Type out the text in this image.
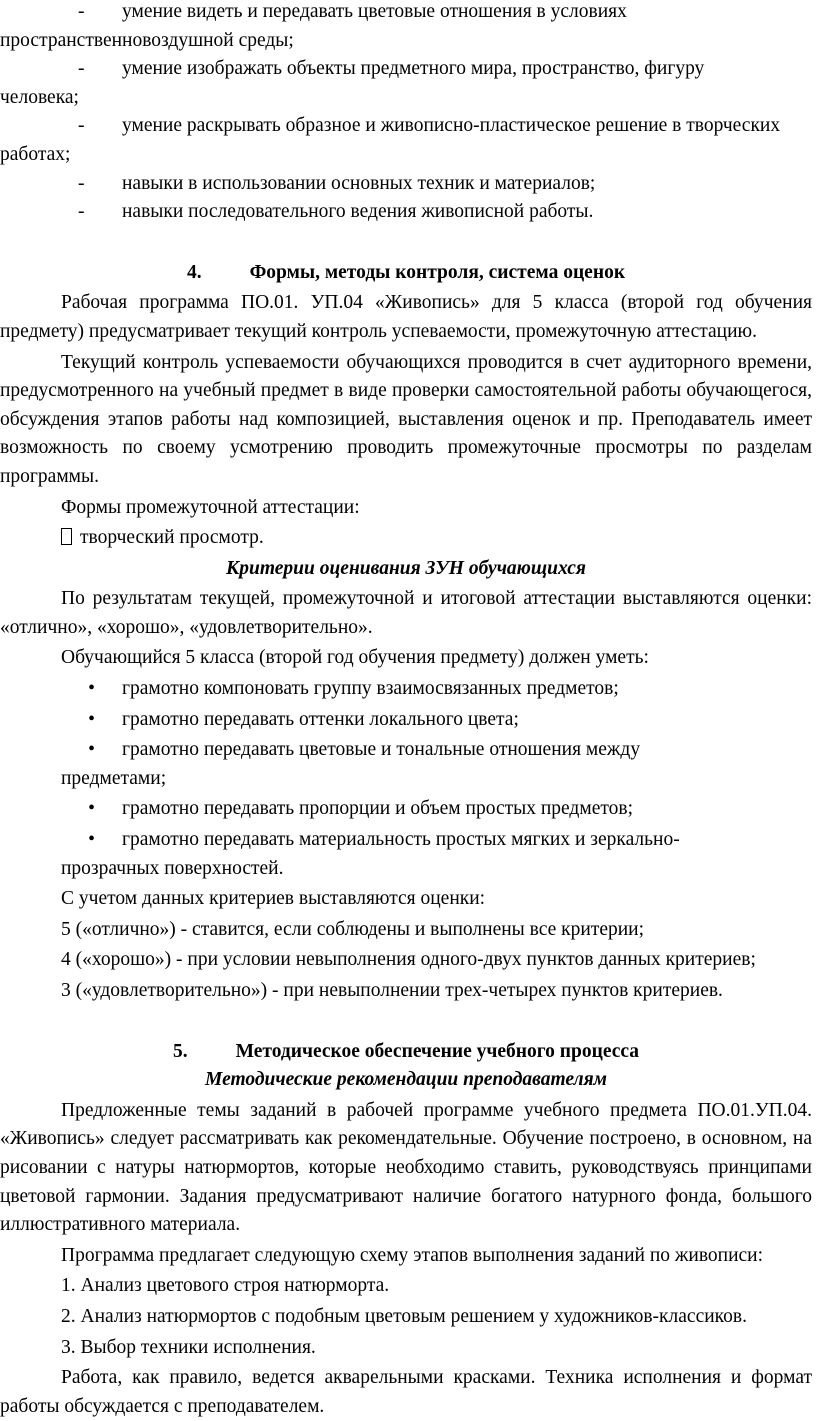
- умение видеть и передавать цветовые отношения в условиях
пространственновоздушной среды;

- умение изображать объекты предметного мира, пространство, фигуру
человека;

- умение раскрывать образное и живописно-пластическое решение в творческих
работах;

- навыки в использовании основных техник и материалов;

- навыки последовательного ведения живописной работы.

4. Формы, методы контроля, система оценок

Рабочая программа ПО.01. УП.04 «Живопись» для 5 класса (второй год обучения предмету) предусматривает текущий контроль успеваемости, промежуточную аттестацию.

Текущий контроль успеваемости обучающихся проводится в счет аудиторного времени, предусмотренного на учебный предмет в виде проверки самостоятельной работы обучающегося, обсуждения этапов работы над композицией, выставления оценок и пр. Преподаватель имеет возможность по своему усмотрению проводить промежуточные просмотры по разделам программы.

Формы промежуточной аттестации:

творческий просмотр.

Критерии оценивания ЗУН обучающихся

По результатам текущей, промежуточной и итоговой аттестации выставляются оценки: «отлично», «хорошо», «удовлетворительно».

Обучающийся 5 класса (второй год обучения предмету) должен уметь:

• грамотно компоновать группу взаимосвязанных предметов;

• грамотно передавать оттенки локального цвета;

• грамотно передавать цветовые и тональные отношения между
предметами;

• грамотно передавать пропорции и объем простых предметов;

• грамотно передавать материальность простых мягких и зеркально-
прозрачных поверхностей.

С учетом данных критериев выставляются оценки:

5 («отлично») - ставится, если соблюдены и выполнены все критерии;

4 («хорошо») - при условии невыполнения одного-двух пунктов данных критериев;

3 («удовлетворительно») - при невыполнении трех-четырех пунктов критериев.

5. Методическое обеспечение учебного процесса

Методические рекомендации преподавателям

Предложенные темы заданий в рабочей программе учебного предмета ПО.01.УП.04. «Живопись» следует рассматривать как рекомендательные. Обучение построено, в основном, на рисовании с натуры натюрмортов, которые необходимо ставить, руководствуясь принципами цветовой гармонии. Задания предусматривают наличие богатого натурного фонда, большого иллюстративного материала.

Программа предлагает следующую схему этапов выполнения заданий по живописи:

1. Анализ цветового строя натюрморта.

2. Анализ натюрмортов с подобным цветовым решением у художников-классиков.

3. Выбор техники исполнения.

Работа, как правило, ведется акварельными красками. Техника исполнения и формат работы обсуждается с преподавателем.
